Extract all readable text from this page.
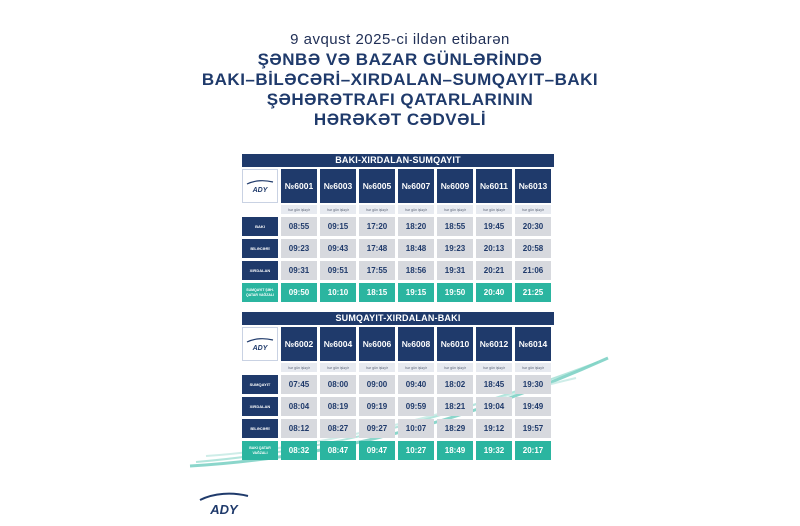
9 avqust 2025-ci ildən etibarən
ŞƏNBƏ VƏ BAZAR GÜNLƏRİNDƏ
BAKI–BİLƏCƏRİ–XIRDALAN–SUMQAYIT–BAKI
ŞƏHƏRƏTRAFI QATARLARININ
HƏRƏKƏT CƏDVƏLİ
BAKI-XIRDALAN-SUMQAYIT
ADY	№6001	№6003	№6005	№6007	№6009	№6011	№6013
hər gün işləyir	hər gün işləyir	hər gün işləyir	hər gün işləyir	hər gün işləyir	hər gün işləyir	hər gün işləyir
BAKI	08:55	09:15	17:20	18:20	18:55	19:45	20:30
BİLƏCƏRİ	09:23	09:43	17:48	18:48	19:23	20:13	20:58
XIRDALAN	09:31	09:51	17:55	18:56	19:31	20:21	21:06
SUMQAYIT ŞƏH. QATAR VAĞZALI	09:50	10:10	18:15	19:15	19:50	20:40	21:25
SUMQAYIT-XIRDALAN-BAKI
ADY	№6002	№6004	№6006	№6008	№6010	№6012	№6014
hər gün işləyir	hər gün işləyir	hər gün işləyir	hər gün işləyir	hər gün işləyir	hər gün işləyir	hər gün işləyir
SUMQAYIT	07:45	08:00	09:00	09:40	18:02	18:45	19:30
XIRDALAN	08:04	08:19	09:19	09:59	18:21	19:04	19:49
BİLƏCƏRİ	08:12	08:27	09:27	10:07	18:29	19:12	19:57
BAKI QATAR VAĞZALI	08:32	08:47	09:47	10:27	18:49	19:32	20:17
ADY
